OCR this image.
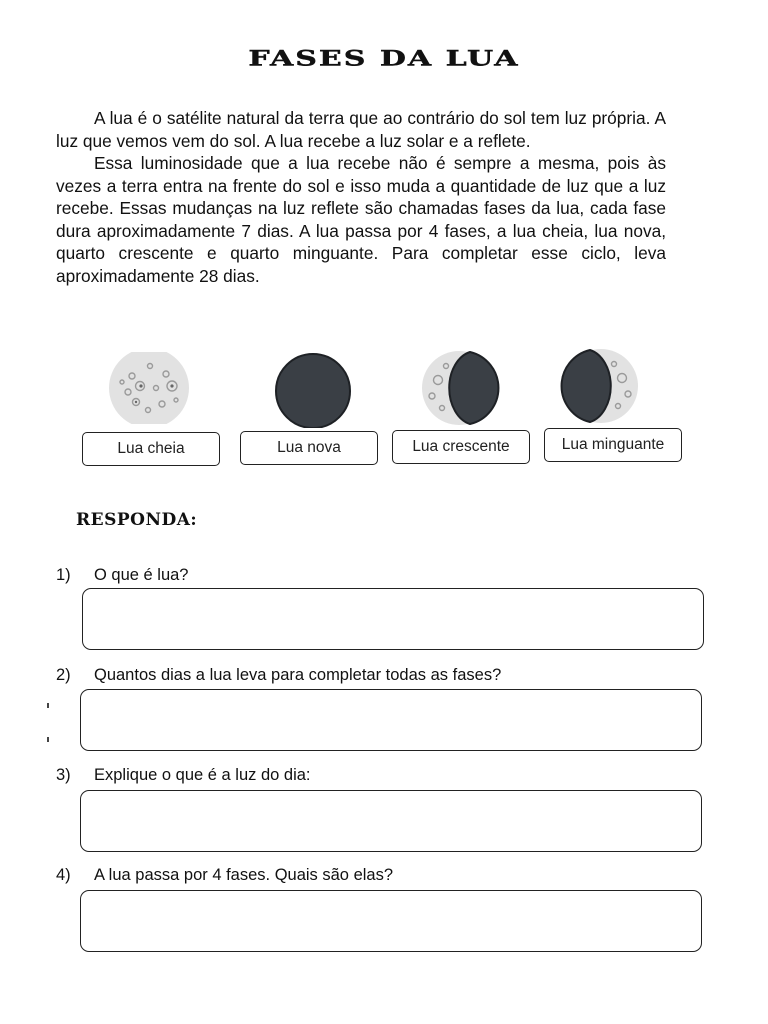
FASES DA LUA

A lua é o satélite natural da terra que ao contrário do sol tem luz própria. A luz que vemos vem do sol. A lua recebe a luz solar e a reflete.

Essa luminosidade que a lua recebe não é sempre a mesma, pois às vezes a terra entra na frente do sol e isso muda a quantidade de luz que a luz recebe. Essas mudanças na luz reflete são chamadas fases da lua, cada fase dura aproximadamente 7 dias. A lua passa por 4 fases, a lua cheia, lua nova, quarto crescente e quarto minguante. Para completar esse ciclo, leva aproximadamente 28 dias.

Lua cheia	Lua nova	Lua crescente	Lua minguante
RESPONDA:
1)	O que é lua?
2)	Quantos dias a lua leva para completar todas as fases?
3)	Explique o que é a luz do dia:
4)	A lua passa por 4 fases. Quais são elas?
